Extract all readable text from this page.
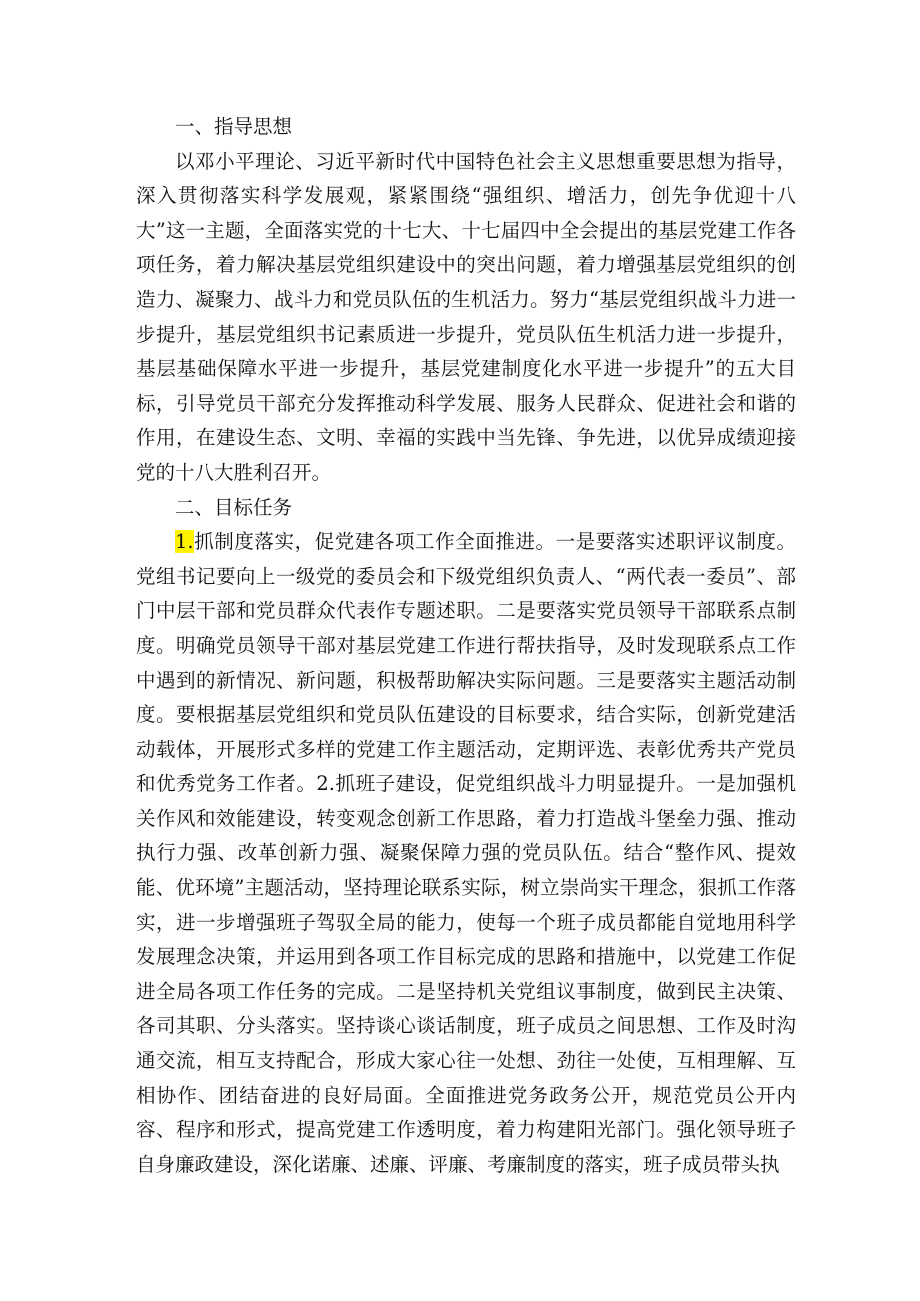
一、指导思想

以邓小平理论、习近平新时代中国特色社会主义思想重要思想为指导，深入贯彻落实科学发展观，紧紧围绕“强组织、增活力，创先争优迎十八大”这一主题，全面落实党的十七大、十七届四中全会提出的基层党建工作各项任务，着力解决基层党组织建设中的突出问题，着力增强基层党组织的创造力、凝聚力、战斗力和党员队伍的生机活力。努力“基层党组织战斗力进一步提升，基层党组织书记素质进一步提升，党员队伍生机活力进一步提升，基层基础保障水平进一步提升，基层党建制度化水平进一步提升”的五大目标，引导党员干部充分发挥推动科学发展、服务人民群众、促进社会和谐的作用，在建设生态、文明、幸福的实践中当先锋、争先进，以优异成绩迎接党的十八大胜利召开。

二、目标任务

1.抓制度落实，促党建各项工作全面推进。一是要落实述职评议制度。党组书记要向上一级党的委员会和下级党组织负责人、“两代表一委员”、部门中层干部和党员群众代表作专题述职。二是要落实党员领导干部联系点制度。明确党员领导干部对基层党建工作进行帮扶指导，及时发现联系点工作中遇到的新情况、新问题，积极帮助解决实际问题。三是要落实主题活动制度。要根据基层党组织和党员队伍建设的目标要求，结合实际，创新党建活动载体，开展形式多样的党建工作主题活动，定期评选、表彰优秀共产党员和优秀党务工作者。2.抓班子建设，促党组织战斗力明显提升。一是加强机关作风和效能建设，转变观念创新工作思路，着力打造战斗堡垒力强、推动执行力强、改革创新力强、凝聚保障力强的党员队伍。结合“整作风、提效能、优环境”主题活动，坚持理论联系实际，树立崇尚实干理念，狠抓工作落实，进一步增强班子驾驭全局的能力，使每一个班子成员都能自觉地用科学发展理念决策，并运用到各项工作目标完成的思路和措施中，以党建工作促进全局各项工作任务的完成。二是坚持机关党组议事制度，做到民主决策、各司其职、分头落实。坚持谈心谈话制度，班子成员之间思想、工作及时沟通交流，相互支持配合，形成大家心往一处想、劲往一处使，互相理解、互相协作、团结奋进的良好局面。全面推进党务政务公开，规范党员公开内容、程序和形式，提高党建工作透明度，着力构建阳光部门。强化领导班子自身廉政建设，深化诺廉、述廉、评廉、考廉制度的落实，班子成员带头执
